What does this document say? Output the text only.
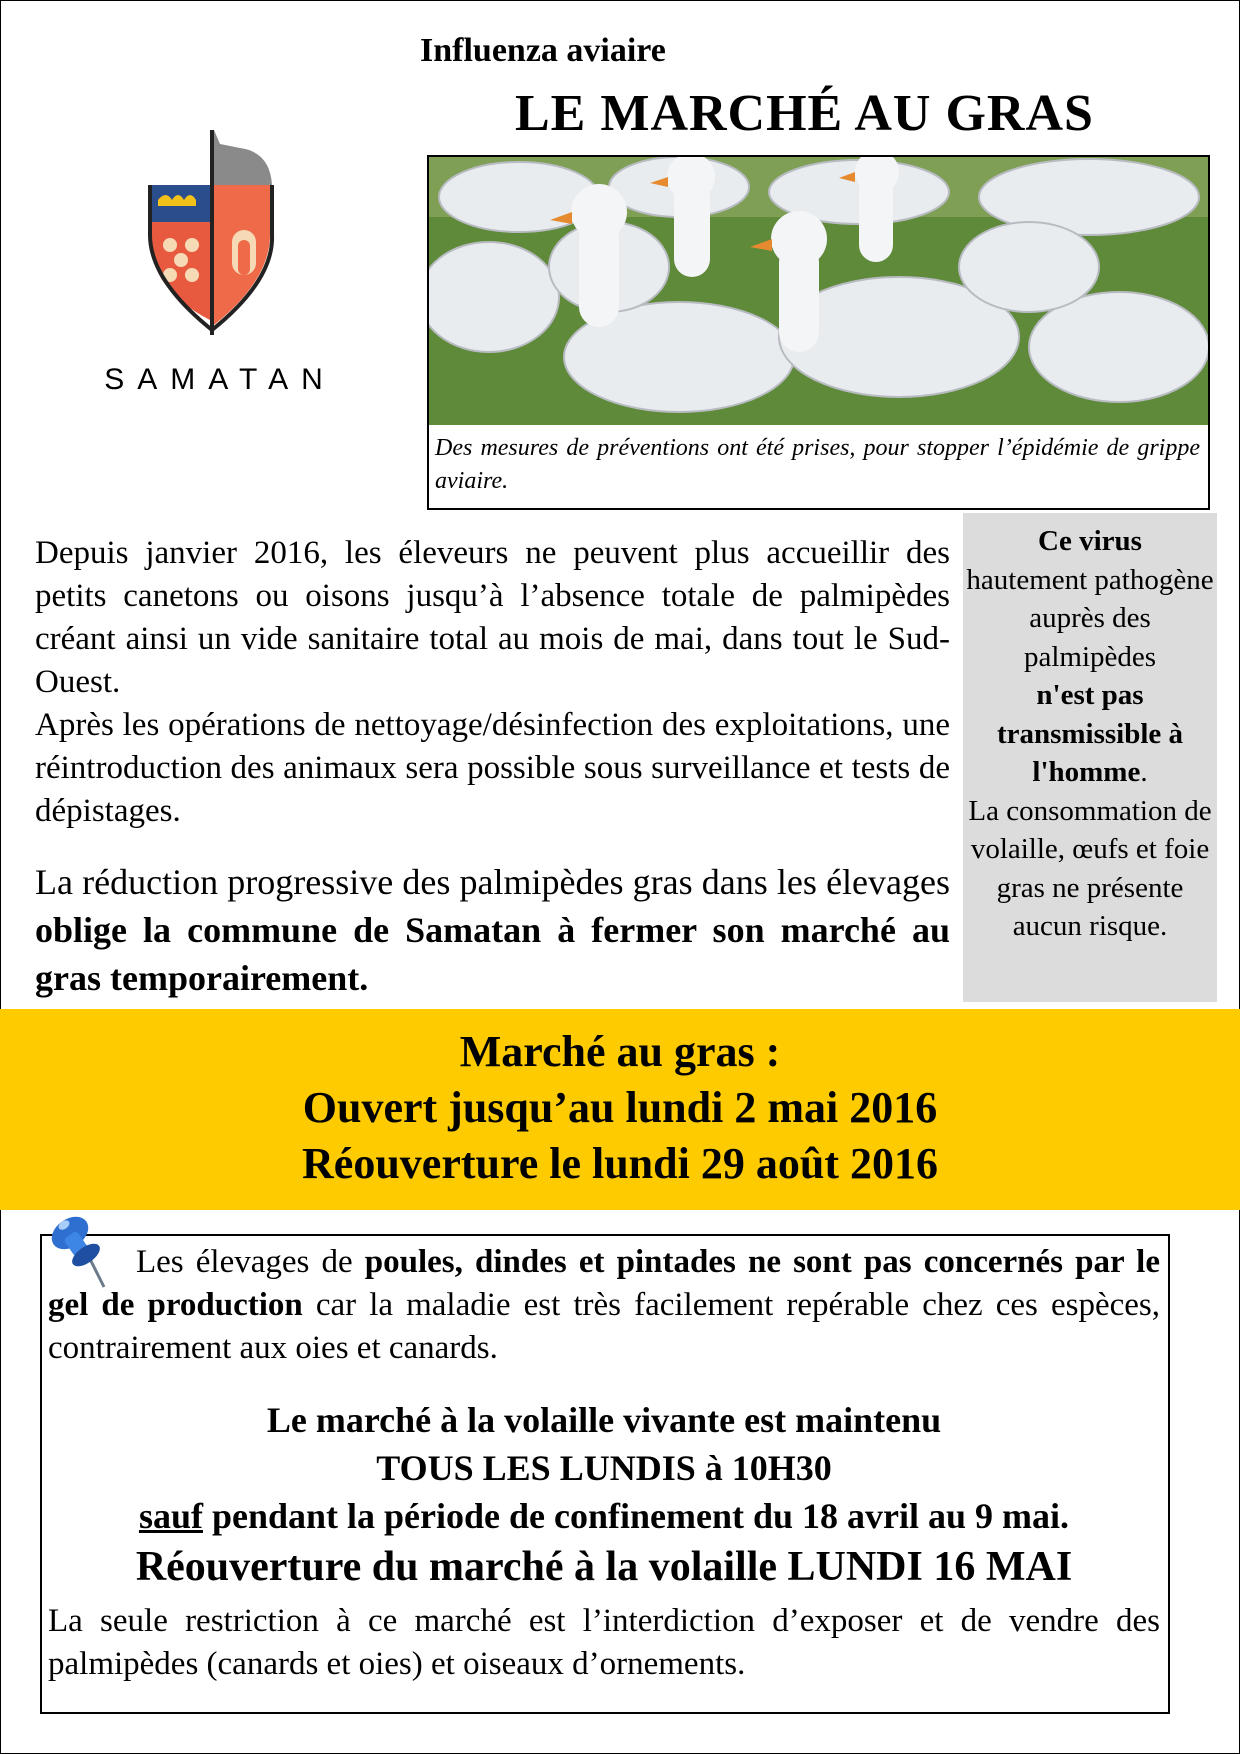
Influenza aviaire
LE MARCHÉ AU GRAS
SAMATAN
Des mesures de préventions ont été prises, pour stopper l’épidémie de grippe aviaire.

Depuis janvier 2016, les éleveurs ne peuvent plus accueillir des petits canetons ou oisons jusqu’à l’absence totale de palmipèdes créant ainsi un vide sanitaire total au mois de mai, dans tout le Sud-Ouest.

Après les opérations de nettoyage/désinfection des exploitations, une réintroduction des animaux sera possible sous surveillance et tests de dépistages.

La réduction progressive des palmipèdes gras dans les élevages oblige la commune de Samatan à fermer son marché au gras temporairement.
Ce virus
hautement pathogène auprès des palmipèdes
n'est pas transmissible à l'homme.
La consommation de volaille, œufs et foie gras ne présente aucun risque.
Marché au gras :
Ouvert jusqu’au lundi 2 mai 2016
Réouverture le lundi 29 août 2016
Les élevages de poules, dindes et pintades ne sont pas concernés par le gel de production car la maladie est très facilement repérable chez ces espèces, contrairement aux oies et canards.
Le marché à la volaille vivante est maintenu
TOUS LES LUNDIS à 10H30
sauf pendant la période de confinement du 18 avril au 9 mai.
Réouverture du marché à la volaille LUNDI 16 MAI
La seule restriction à ce marché est l’interdiction d’exposer et de vendre des palmipèdes (canards et oies) et oiseaux d’ornements.
